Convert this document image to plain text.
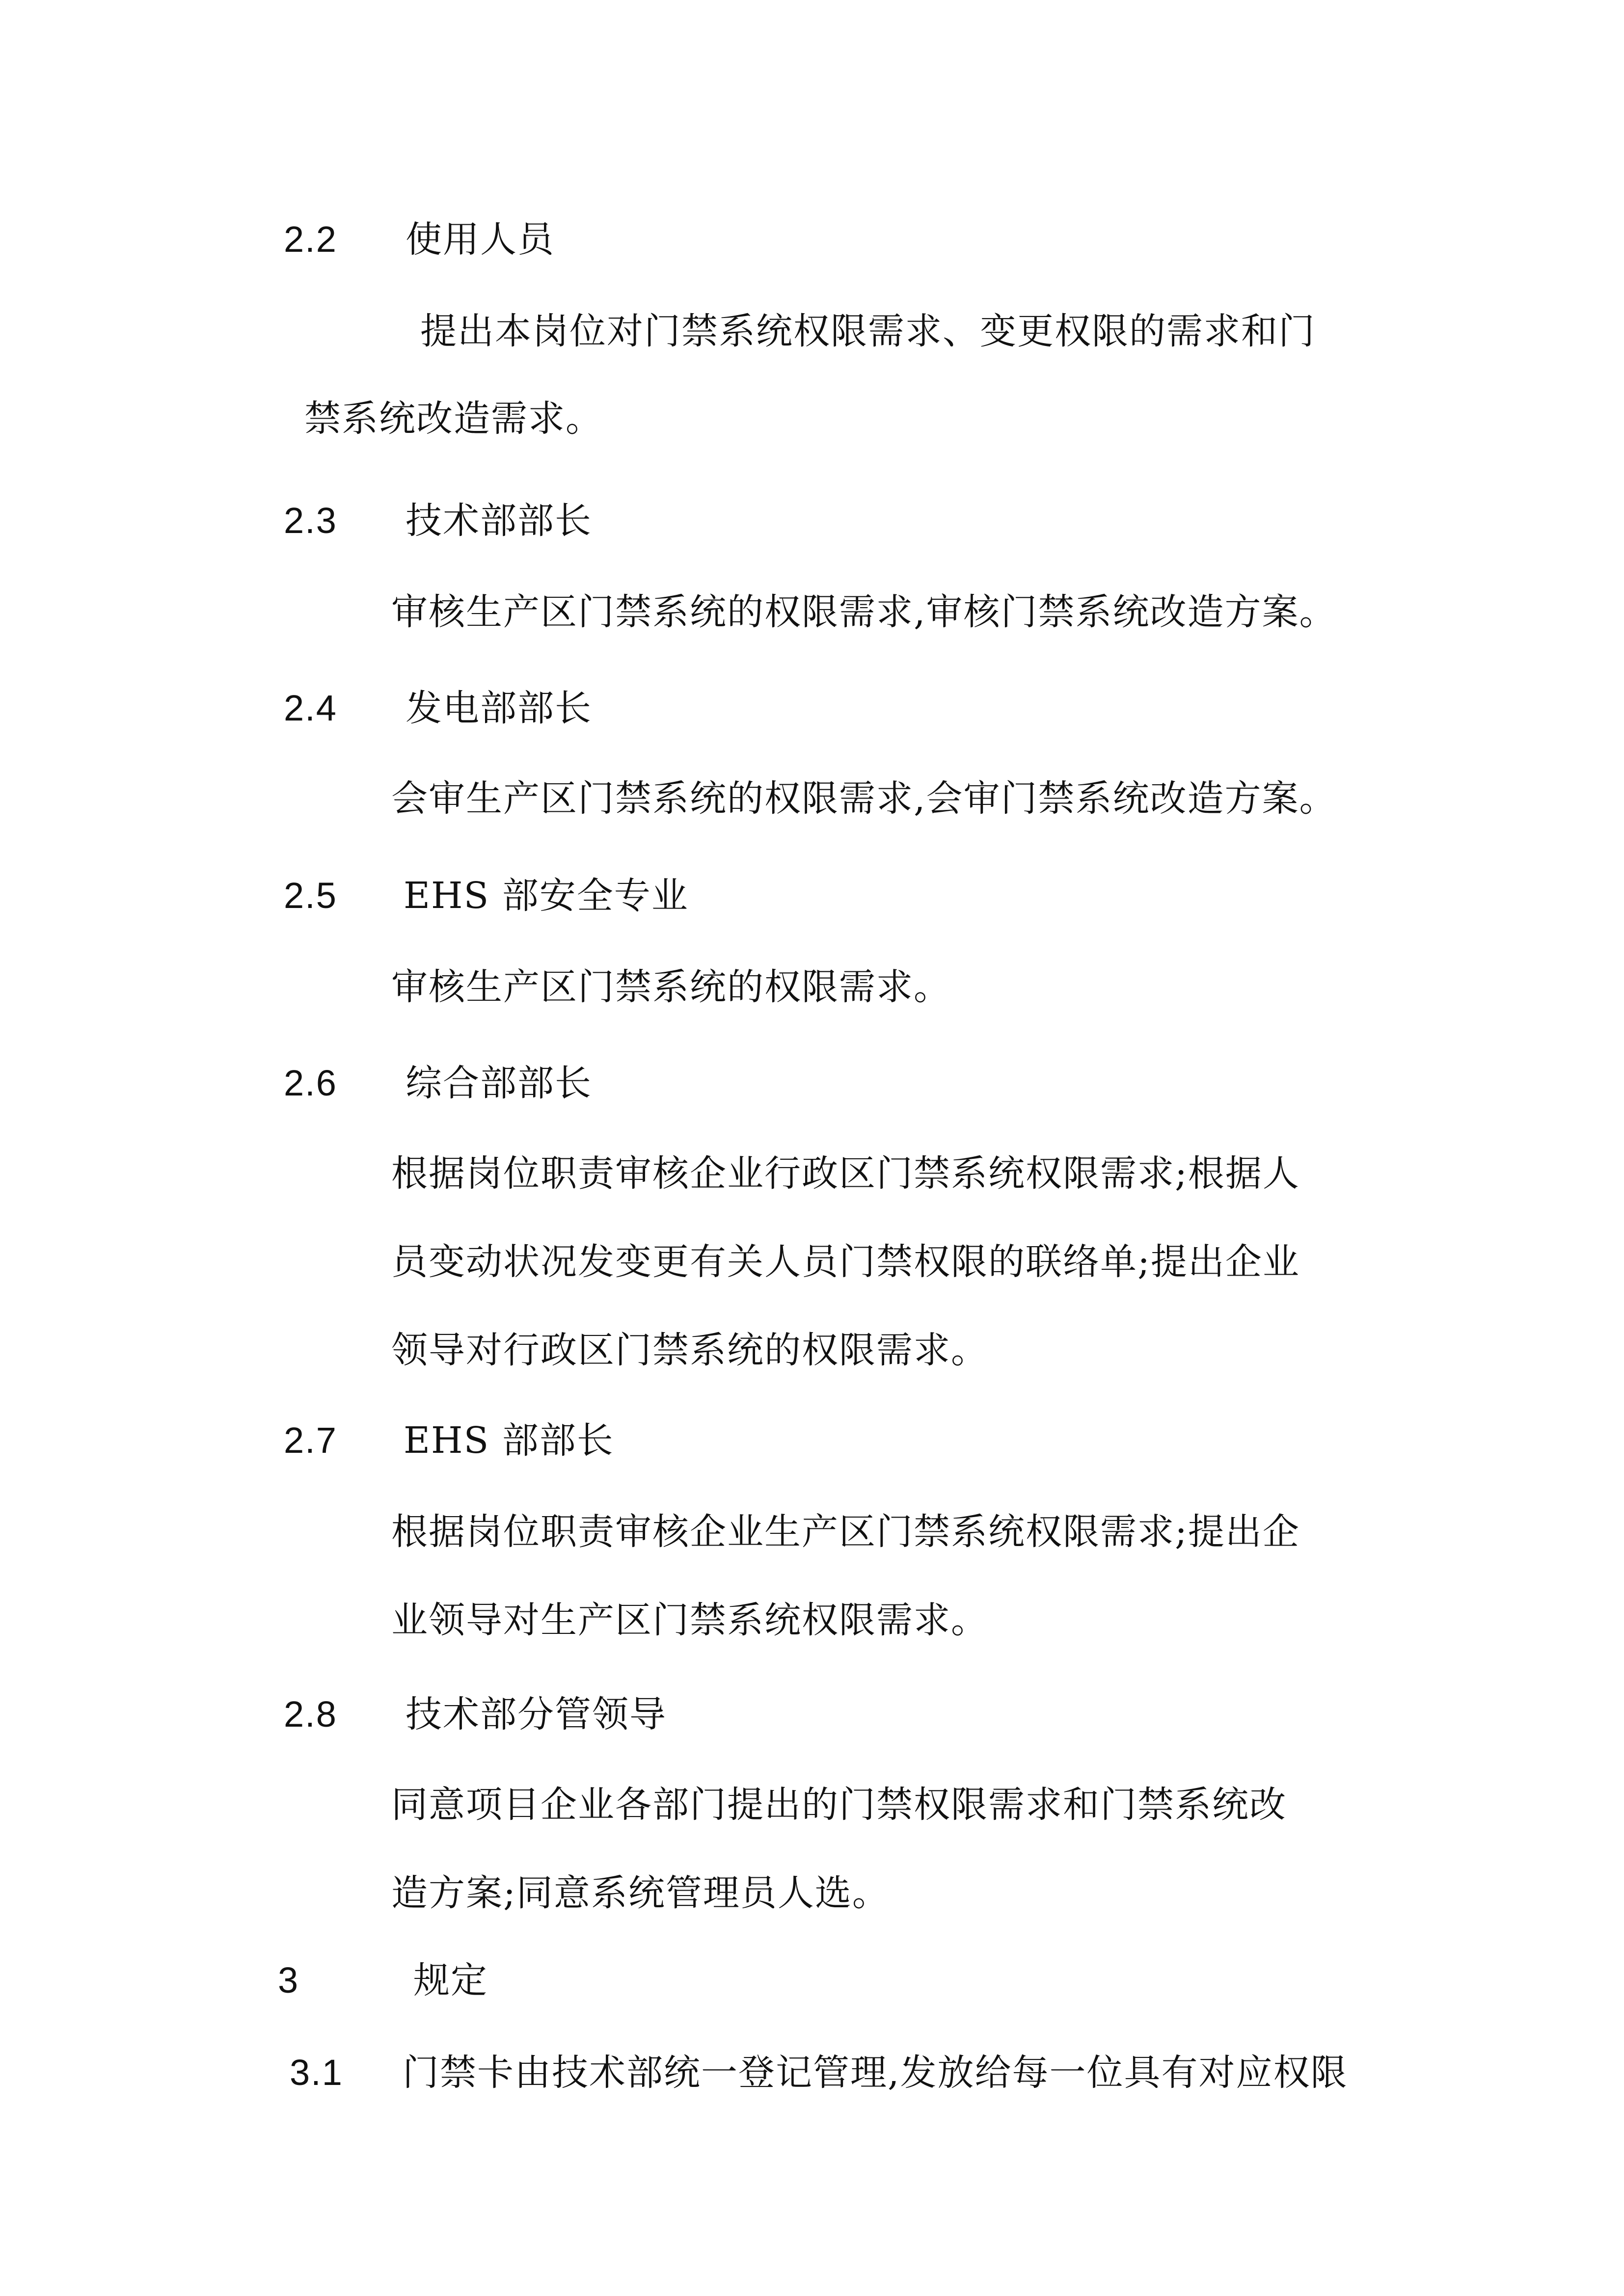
2.2 使用人员
提出本岗位对门禁系统权限需求、变更权限的需求和门
禁系统改造需求。
2.3 技术部部长
审核生产区门禁系统的权限需求,审核门禁系统改造方案。
2.4 发电部部长
会审生产区门禁系统的权限需求,会审门禁系统改造方案。
2.5 EHS 部安全专业
审核生产区门禁系统的权限需求。
2.6 综合部部长
根据岗位职责审核企业行政区门禁系统权限需求;根据人
员变动状况发变更有关人员门禁权限的联络单;提出企业
领导对行政区门禁系统的权限需求。
2.7 EHS 部部长
根据岗位职责审核企业生产区门禁系统权限需求;提出企
业领导对生产区门禁系统权限需求。
2.8 技术部分管领导
同意项目企业各部门提出的门禁权限需求和门禁系统改
造方案;同意系统管理员人选。
3	规定
3.1 门禁卡由技术部统一登记管理,发放给每一位具有对应权限
